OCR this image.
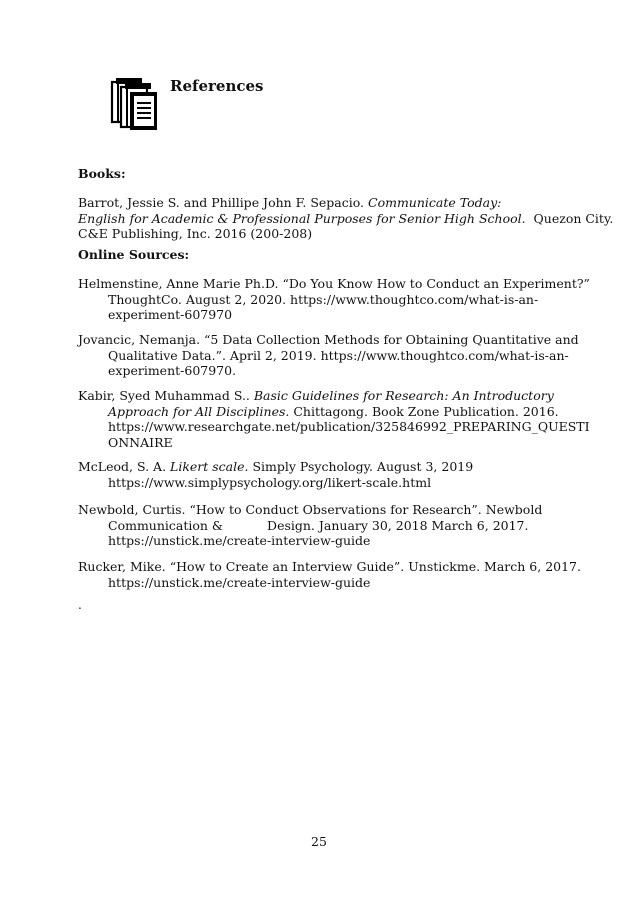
References
Books:
Barrot, Jessie S. and Phillipe John F. Sepacio. Communicate Today:
English for Academic & Professional Purposes for Senior High School.  Quezon City.
C&E Publishing, Inc. 2016 (200-208)
Online Sources:
Helmenstine, Anne Marie Ph.D. “Do You Know How to Conduct an Experiment?”
ThoughtCo. August 2, 2020. https://www.thoughtco.com/what-is-an-
experiment-607970
Jovancic, Nemanja. “5 Data Collection Methods for Obtaining Quantitative and
Qualitative Data.”. April 2, 2019. https://www.thoughtco.com/what-is-an-
experiment-607970.
Kabir, Syed Muhammad S.. Basic Guidelines for Research: An Introductory
Approach for All Disciplines. Chittagong. Book Zone Publication. 2016.
https://www.researchgate.net/publication/325846992_PREPARING_QUESTI
ONNAIRE
McLeod, S. A. Likert scale. Simply Psychology. August 3, 2019
https://www.simplypsychology.org/likert-scale.html
Newbold, Curtis. “How to Conduct Observations for Research”. Newbold
Communication &	Design. January 30, 2018 March 6, 2017.
https://unstick.me/create-interview-guide
Rucker, Mike. “How to Create an Interview Guide”. Unstickme. March 6, 2017.
https://unstick.me/create-interview-guide
.
25
